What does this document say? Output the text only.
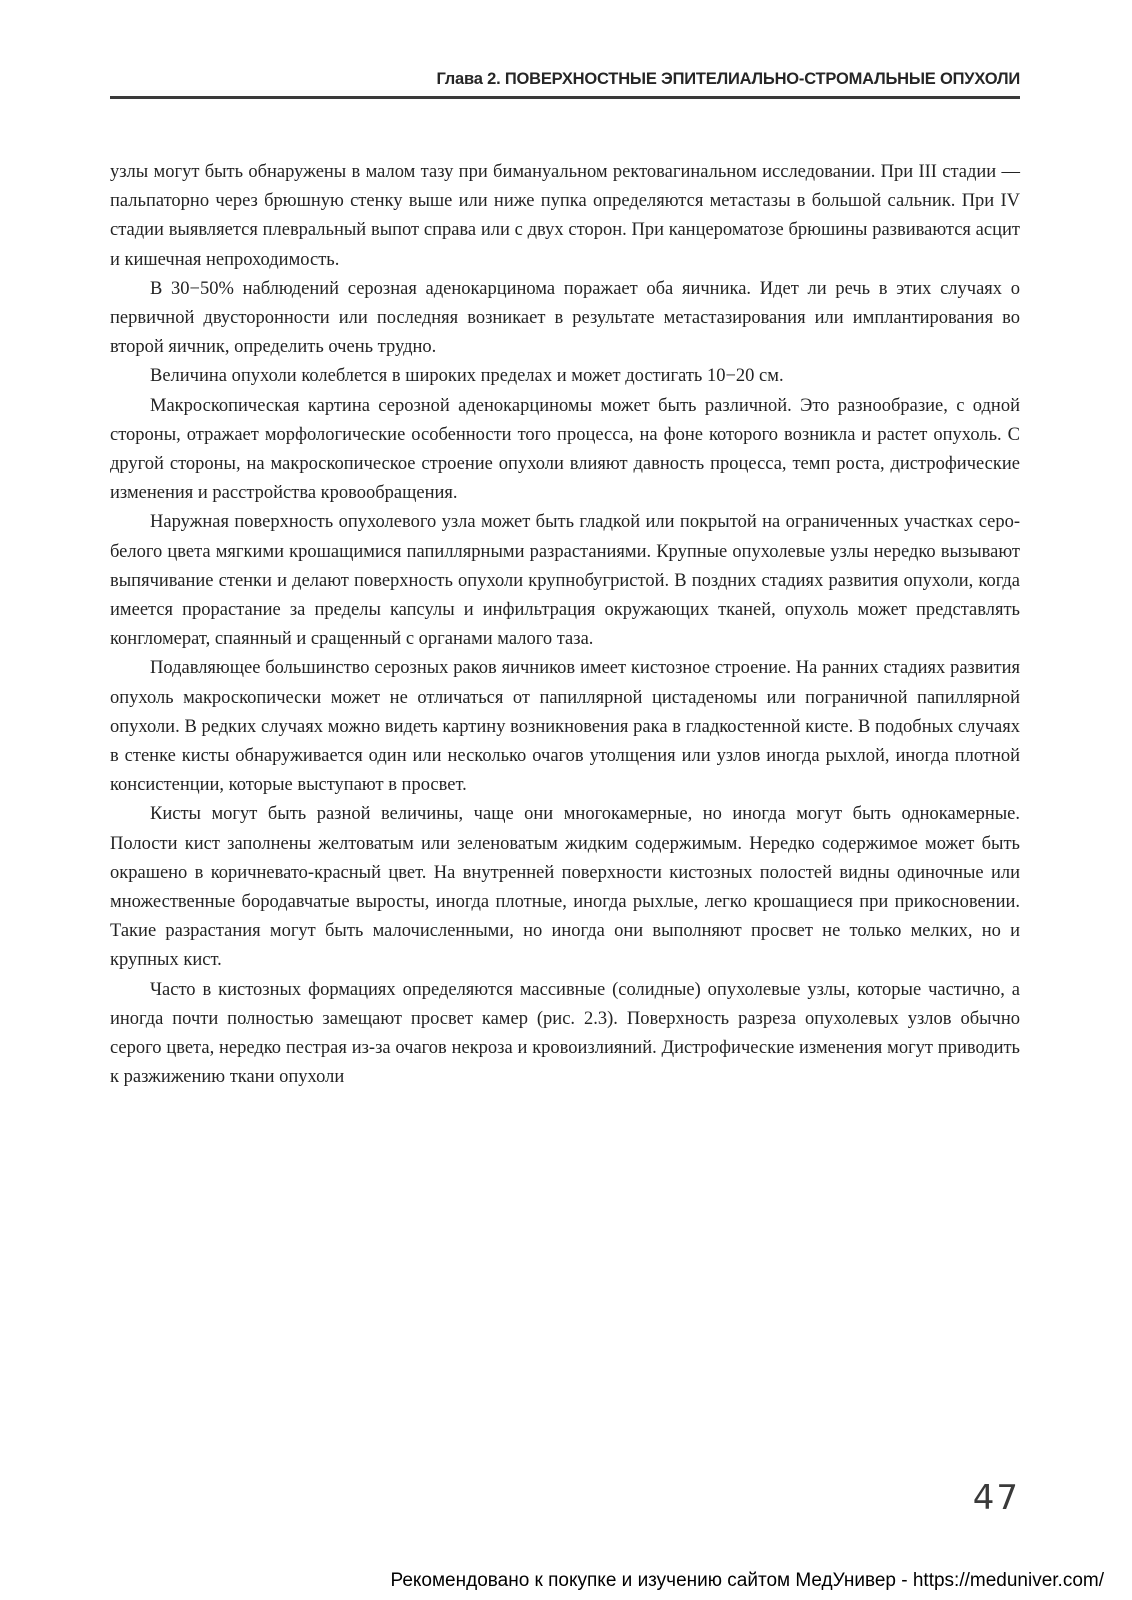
Глава 2. ПОВЕРХНОСТНЫЕ ЭПИТЕЛИАЛЬНО-СТРОМАЛЬНЫЕ ОПУХОЛИ

узлы могут быть обнаружены в малом тазу при бимануальном ректовагинальном исследовании. При III стадии — пальпаторно через брюшную стенку выше или ниже пупка определяются метастазы в большой сальник. При IV стадии выявляется плевральный выпот справа или с двух сторон. При канцероматозе брюшины развиваются асцит и кишечная непроходимость.

В 30−50% наблюдений серозная аденокарцинома поражает оба яичника. Идет ли речь в этих случаях о первичной двусторонности или последняя возникает в результате метастазирования или имплантирования во второй яичник, определить очень трудно.

Величина опухоли колеблется в широких пределах и может достигать 10−20 см.

Макроскопическая картина серозной аденокарциномы может быть различной. Это разнообразие, с одной стороны, отражает морфологические особенности того процесса, на фоне которого возникла и растет опухоль. С другой стороны, на макроскопическое строение опухоли влияют давность процесса, темп роста, дистрофические изменения и расстройства кровообращения.

Наружная поверхность опухолевого узла может быть гладкой или покрытой на ограниченных участках серо-белого цвета мягкими крошащимися папиллярными разрастаниями. Крупные опухолевые узлы нередко вызывают выпячивание стенки и делают поверхность опухоли крупнобугристой. В поздних стадиях развития опухоли, когда имеется прорастание за пределы капсулы и инфильтрация окружающих тканей, опухоль может представлять конгломерат, спаянный и сращенный с органами малого таза.

Подавляющее большинство серозных раков яичников имеет кистозное строение. На ранних стадиях развития опухоль макроскопически может не отличаться от папиллярной цистаденомы или пограничной папиллярной опухоли. В редких случаях можно видеть картину возникновения рака в гладкостенной кисте. В подобных случаях в стенке кисты обнаруживается один или несколько очагов утолщения или узлов иногда рыхлой, иногда плотной консистенции, которые выступают в просвет.

Кисты могут быть разной величины, чаще они многокамерные, но иногда могут быть однокамерные. Полости кист заполнены желтоватым или зеленоватым жидким содержимым. Нередко содержимое может быть окрашено в коричневато-красный цвет. На внутренней поверхности кистозных полостей видны одиночные или множественные бородавчатые выросты, иногда плотные, иногда рыхлые, легко крошащиеся при прикосновении. Такие разрастания могут быть малочисленными, но иногда они выполняют просвет не только мелких, но и крупных кист.

Часто в кистозных формациях определяются массивные (солидные) опухолевые узлы, которые частично, а иногда почти полностью замещают просвет камер (рис. 2.3). Поверхность разреза опухолевых узлов обычно серого цвета, нередко пестрая из-за очагов некроза и кровоизлияний. Дистрофические изменения могут приводить к разжижению ткани опухоли

47
Рекомендовано к покупке и изучению сайтом МедУнивер - https://meduniver.com/
